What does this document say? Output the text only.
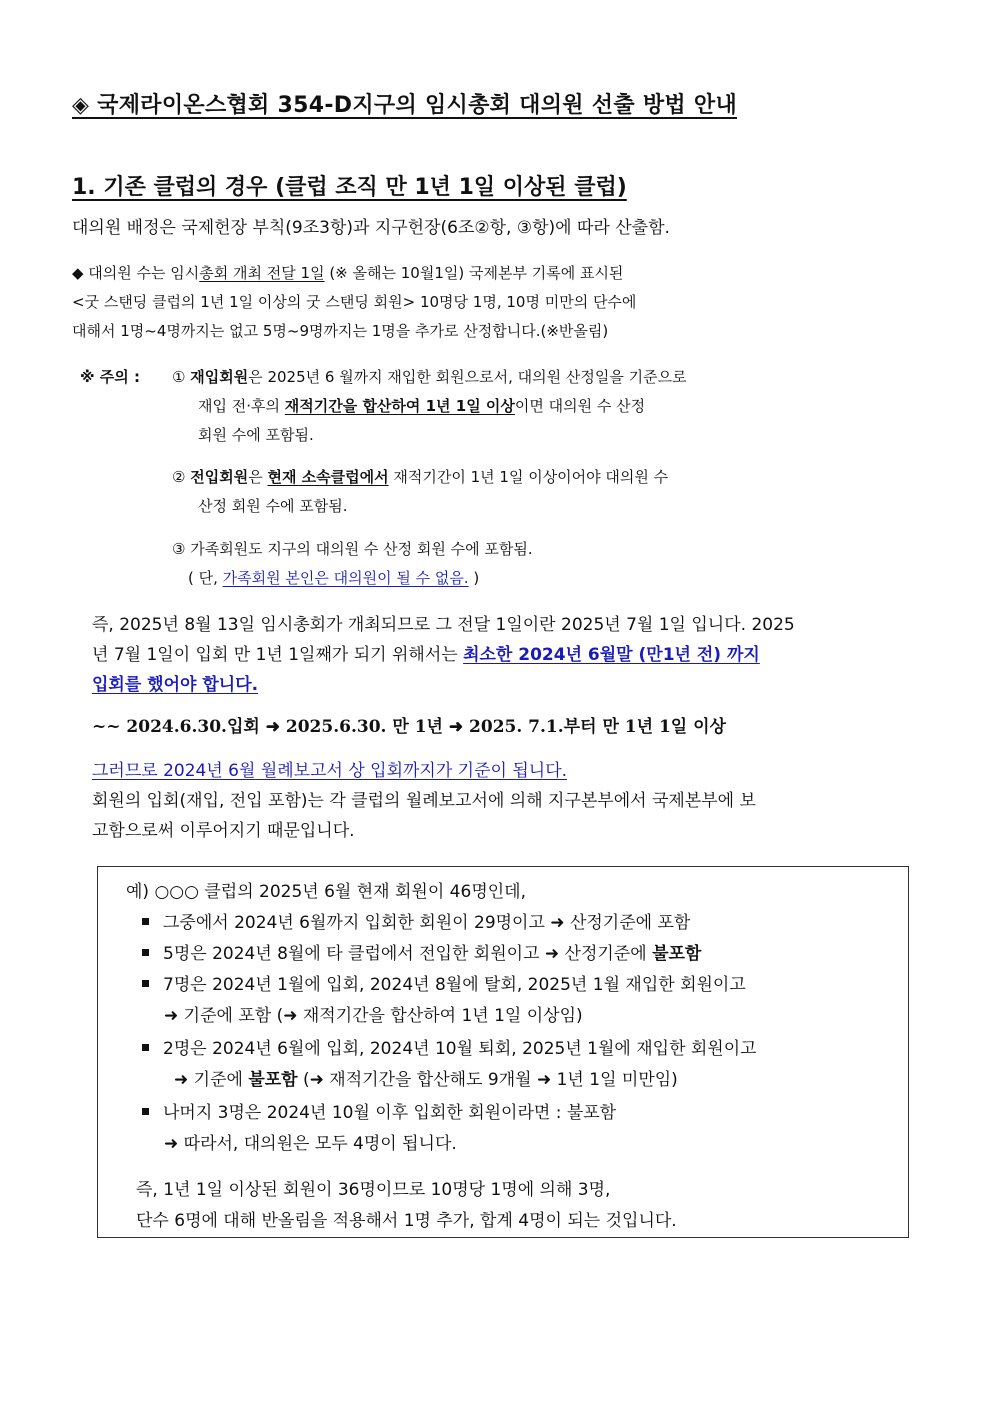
◈ 국제라이온스협회 354-D지구의 임시총회 대의원 선출 방법 안내
1. 기존 클럽의 경우 (클럽 조직 만 1년 1일 이상된 클럽)
대의원 배정은 국제헌장 부칙(9조3항)과 지구헌장(6조②항, ③항)에 따라 산출함.
◆ 대의원 수는 임시총회 개최 전달 1일 (※ 올해는 10월1일) 국제본부 기록에 표시된
<굿 스탠딩 클럽의 1년 1일 이상의 굿 스탠딩 회원> 10명당 1명, 10명 미만의 단수에
대해서 1명~4명까지는 없고 5명~9명까지는 1명을 추가로 산정합니다.(※반올림)
※ 주의 : ① 재입회원은 2025년 6 월까지 재입한 회원으로서, 대의원 산정일을 기준으로
재입 전·후의 재적기간을 합산하여 1년 1일 이상이면 대의원 수 산정
회원 수에 포함됨.
② 전입회원은 현재 소속클럽에서 재적기간이 1년 1일 이상이어야 대의원 수
산정 회원 수에 포함됨.
③ 가족회원도 지구의 대의원 수 산정 회원 수에 포함됨.
( 단, 가족회원 본인은 대의원이 될 수 없음. )
즉, 2025년 8월 13일 임시총회가 개최되므로 그 전달 1일이란 2025년 7월 1일 입니다. 2025
년 7월 1일이 입회 만 1년 1일째가 되기 위해서는 최소한 2024년 6월말 (만1년 전) 까지
입회를 했어야 합니다.
~~ 2024.6.30.입회 ➜ 2025.6.30. 만 1년 ➜ 2025. 7.1.부터 만 1년 1일 이상
그러므로 2024년 6월 월례보고서 상 입회까지가 기준이 됩니다.
회원의 입회(재입, 전입 포함)는 각 클럽의 월례보고서에 의해 지구본부에서 국제본부에 보
고함으로써 이루어지기 때문입니다.
예) ○○○ 클럽의 2025년 6월 현재 회원이 46명인데,
그중에서 2024년 6월까지 입회한 회원이 29명이고 ➜ 산정기준에 포함
5명은 2024년 8월에 타 클럽에서 전입한 회원이고 ➜ 산정기준에 불포함
7명은 2024년 1월에 입회, 2024년 8월에 탈회, 2025년 1월 재입한 회원이고
➜ 기준에 포함 (➜ 재적기간을 합산하여 1년 1일 이상임)
2명은 2024년 6월에 입회, 2024년 10월 퇴회, 2025년 1월에 재입한 회원이고
➜ 기준에 불포함 (➜ 재적기간을 합산해도 9개월 ➜ 1년 1일 미만임)
나머지 3명은 2024년 10월 이후 입회한 회원이라면 : 불포함
➜ 따라서, 대의원은 모두 4명이 됩니다.
즉, 1년 1일 이상된 회원이 36명이므로 10명당 1명에 의해 3명,
단수 6명에 대해 반올림을 적용해서 1명 추가, 합계 4명이 되는 것입니다.
